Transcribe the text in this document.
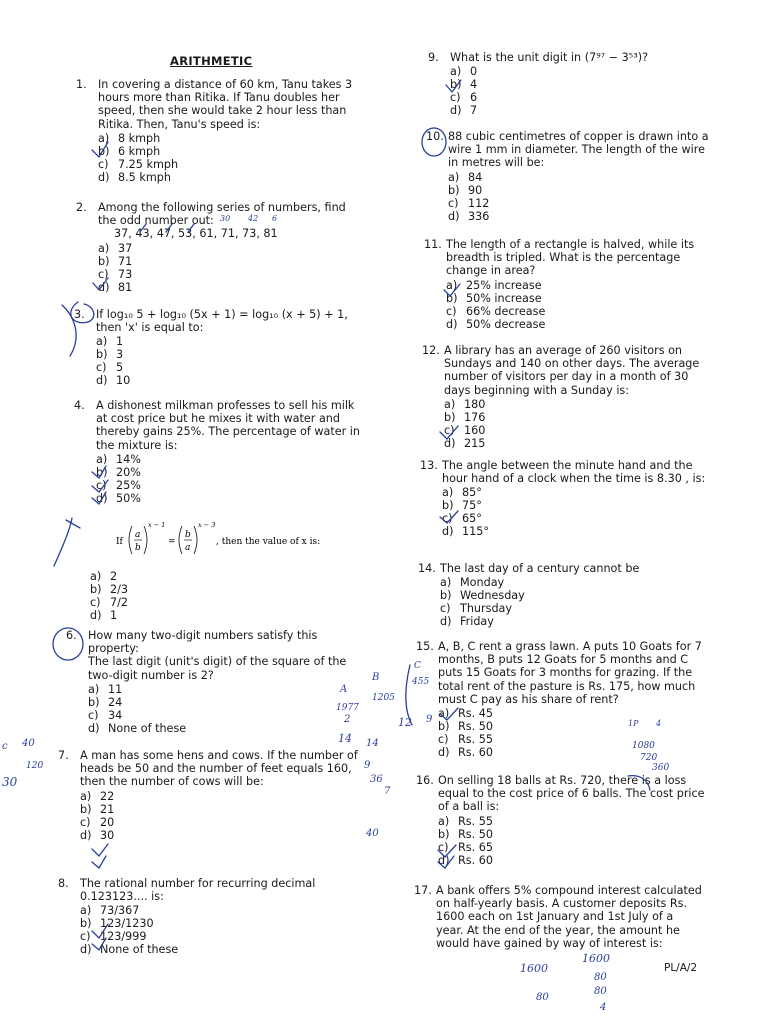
ARITHMETIC
1. In covering a distance of 60 km, Tanu takes 3 hours more than Ritika. If Tanu doubles her speed, then she would take 2 hour less than Ritika. Then, Tanu's speed is:
a) 8 kmph
b) 6 kmph
c) 7.25 kmph
d) 8.5 kmph
2. Among the following series of numbers, find the odd number out:
37, 43, 47, 53, 61, 71, 73, 81
a) 37
b) 71
c) 73
d) 81
3. If log₁₀ 5 + log₁₀ (5x + 1) = log₁₀ (x + 5) + 1, then 'x' is equal to:
a) 1
b) 3
c) 5
d) 10
4. A dishonest milkman professes to sell his milk at cost price but he mixes it with water and thereby gains 25%. The percentage of water in the mixture is:
a) 14%
b) 20%
c) 25%
d) 50%
If
a
b
x − 1
=
b
a
x − 3
, then the value of x is:
a) 2
b) 2/3
c) 7/2
d) 1
6. How many two-digit numbers satisfy this property:
The last digit (unit's digit) of the square of the two-digit number is 2?
a) 11
b) 24
c) 34
d) None of these
7. A man has some hens and cows. If the number of heads be 50 and the number of feet equals 160, then the number of cows will be:
a) 22
b) 21
c) 20
d) 30
8. The rational number for recurring decimal 0.123123.... is:
a) 73/367
b) 123/1230
c) 123/999
d) None of these
9. What is the unit digit in (7⁹⁷ − 3⁵³)?
a) 0
b) 4
c) 6
d) 7
10. 88 cubic centimetres of copper is drawn into a wire 1 mm in diameter. The length of the wire in metres will be:
a) 84
b) 90
c) 112
d) 336
11. The length of a rectangle is halved, while its breadth is tripled. What is the percentage change in area?
a) 25% increase
b) 50% increase
c) 66% decrease
d) 50% decrease
12. A library has an average of 260 visitors on Sundays and 140 on other days. The average number of visitors per day in a month of 30 days beginning with a Sunday is:
a) 180
b) 176
c) 160
d) 215
13. The angle between the minute hand and the hour hand of a clock when the time is 8.30 , is:
a) 85°
b) 75°
c) 65°
d) 115°
14. The last day of a century cannot be
a) Monday
b) Wednesday
c) Thursday
d) Friday
15. A, B, C rent a grass lawn. A puts 10 Goats for 7 months, B puts 12 Goats for 5 months and C puts 15 Goats for 3 months for grazing. If the total rent of the pasture is Rs. 175, how much must C pay as his share of rent?
a) Rs. 45
b) Rs. 50
c) Rs. 55
d) Rs. 60
16. On selling 18 balls at Rs. 720, there is a loss equal to the cost price of 6 balls. The cost price of a ball is:
a) Rs. 55
b) Rs. 50
c) Rs. 65
d) Rs. 60
17. A bank offers 5% compound interest calculated on half-yearly basis. A customer deposits Rs. 1600 each on 1st January and 1st July of a year. At the end of the year, the amount he would have gained by way of interest is:
PL/A/2
30 42 6
A
B
C
1977
1205
455
2
14
12 9
14
9
36
7
c 40
30
120
1P 4
1080
720
360
40
1600
1600
80
80
80
4
